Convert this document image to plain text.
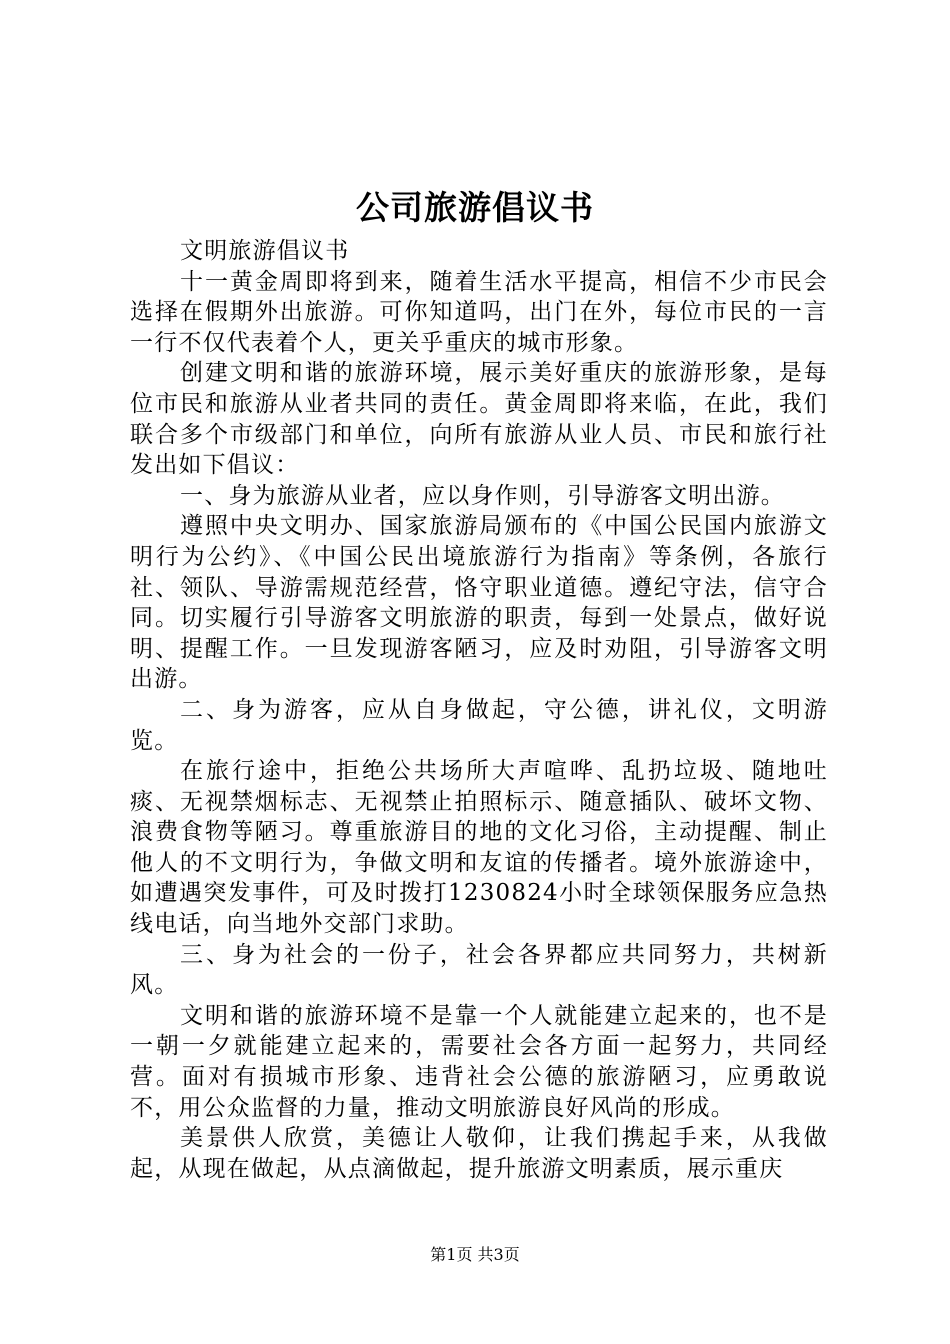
公司旅游倡议书

文明旅游倡议书

十一黄金周即将到来，随着生活水平提高，相信不少市民会选择在假期外出旅游。可你知道吗，出门在外，每位市民的一言一行不仅代表着个人，更关乎重庆的城市形象。

创建文明和谐的旅游环境，展示美好重庆的旅游形象，是每位市民和旅游从业者共同的责任。黄金周即将来临，在此，我们联合多个市级部门和单位，向所有旅游从业人员、市民和旅行社发出如下倡议：

一、身为旅游从业者，应以身作则，引导游客文明出游。

遵照中央文明办、国家旅游局颁布的《中国公民国内旅游文明行为公约》、《中国公民出境旅游行为指南》等条例，各旅行社、领队、导游需规范经营，恪守职业道德。遵纪守法，信守合同。切实履行引导游客文明旅游的职责，每到一处景点，做好说明、提醒工作。一旦发现游客陋习，应及时劝阻，引导游客文明出游。

二、身为游客，应从自身做起，守公德，讲礼仪，文明游览。

在旅行途中，拒绝公共场所大声喧哗、乱扔垃圾、随地吐痰、无视禁烟标志、无视禁止拍照标示、随意插队、破坏文物、浪费食物等陋习。尊重旅游目的地的文化习俗，主动提醒、制止他人的不文明行为，争做文明和友谊的传播者。境外旅游途中，如遭遇突发事件，可及时拨打1230824小时全球领保服务应急热线电话，向当地外交部门求助。

三、身为社会的一份子，社会各界都应共同努力，共树新风。

文明和谐的旅游环境不是靠一个人就能建立起来的，也不是一朝一夕就能建立起来的，需要社会各方面一起努力，共同经营。面对有损城市形象、违背社会公德的旅游陋习，应勇敢说不，用公众监督的力量，推动文明旅游良好风尚的形成。

美景供人欣赏，美德让人敬仰，让我们携起手来，从我做起，从现在做起，从点滴做起，提升旅游文明素质，展示重庆

第1页 共3页
